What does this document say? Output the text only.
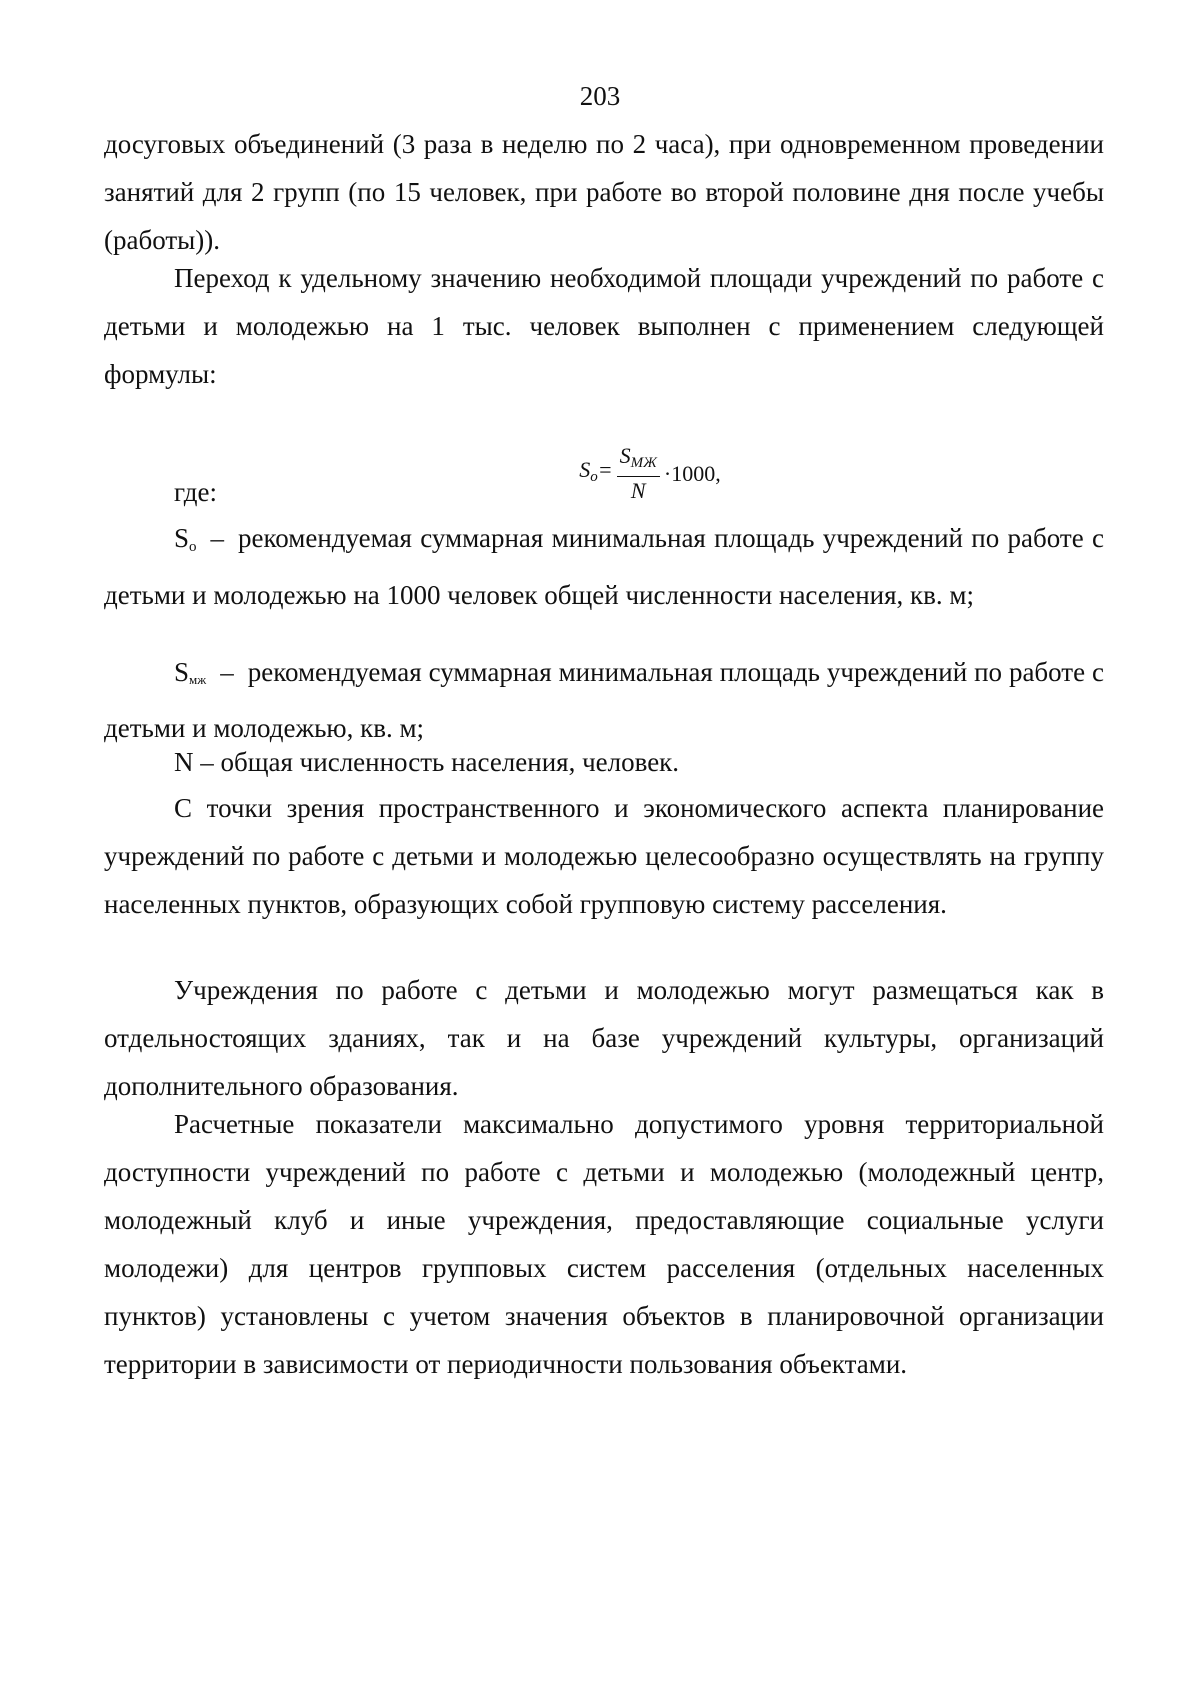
203

досуговых объединений (3 раза в неделю по 2 часа), при одновременном проведении занятий для 2 групп (по 15 человек, при работе во второй половине дня после учебы (работы)).

Переход к удельному значению необходимой площади учреждений по работе с детьми и молодежью на 1 тыс. человек выполнен с применением следующей формулы:

$So= \frac{\text{SМЖ}}{N} \cdot 1000$,

где:

$S_о$ – рекомендуемая суммарная минимальная площадь учреждений по работе с детьми и молодежью на 1000 человек общей численности населения, кв. м;

Sмж – рекомендуемая суммарная минимальная площадь учреждений по работе с детьми и молодежью, кв. м;

N – общая численность населения, человек.

С точки зрения пространственного и экономического аспекта планирование учреждений по работе с детьми и молодежью целесообразно осуществлять на группу населенных пунктов, образующих собой групповую систему расселения.

Учреждения по работе с детьми и молодежью могут размещаться как в отдельностоящих зданиях, так и на базе учреждений культуры, организаций дополнительного образования.

Расчетные показатели максимально допустимого уровня территориальной доступности учреждений по работе с детьми и молодежью (молодежный центр, молодежный клуб и иные учреждения, предоставляющие социальные услуги молодежи) для центров групповых систем расселения (отдельных населенных пунктов) установлены с учетом значения объектов в планировочной организации территории в зависимости от периодичности пользования объектами.
